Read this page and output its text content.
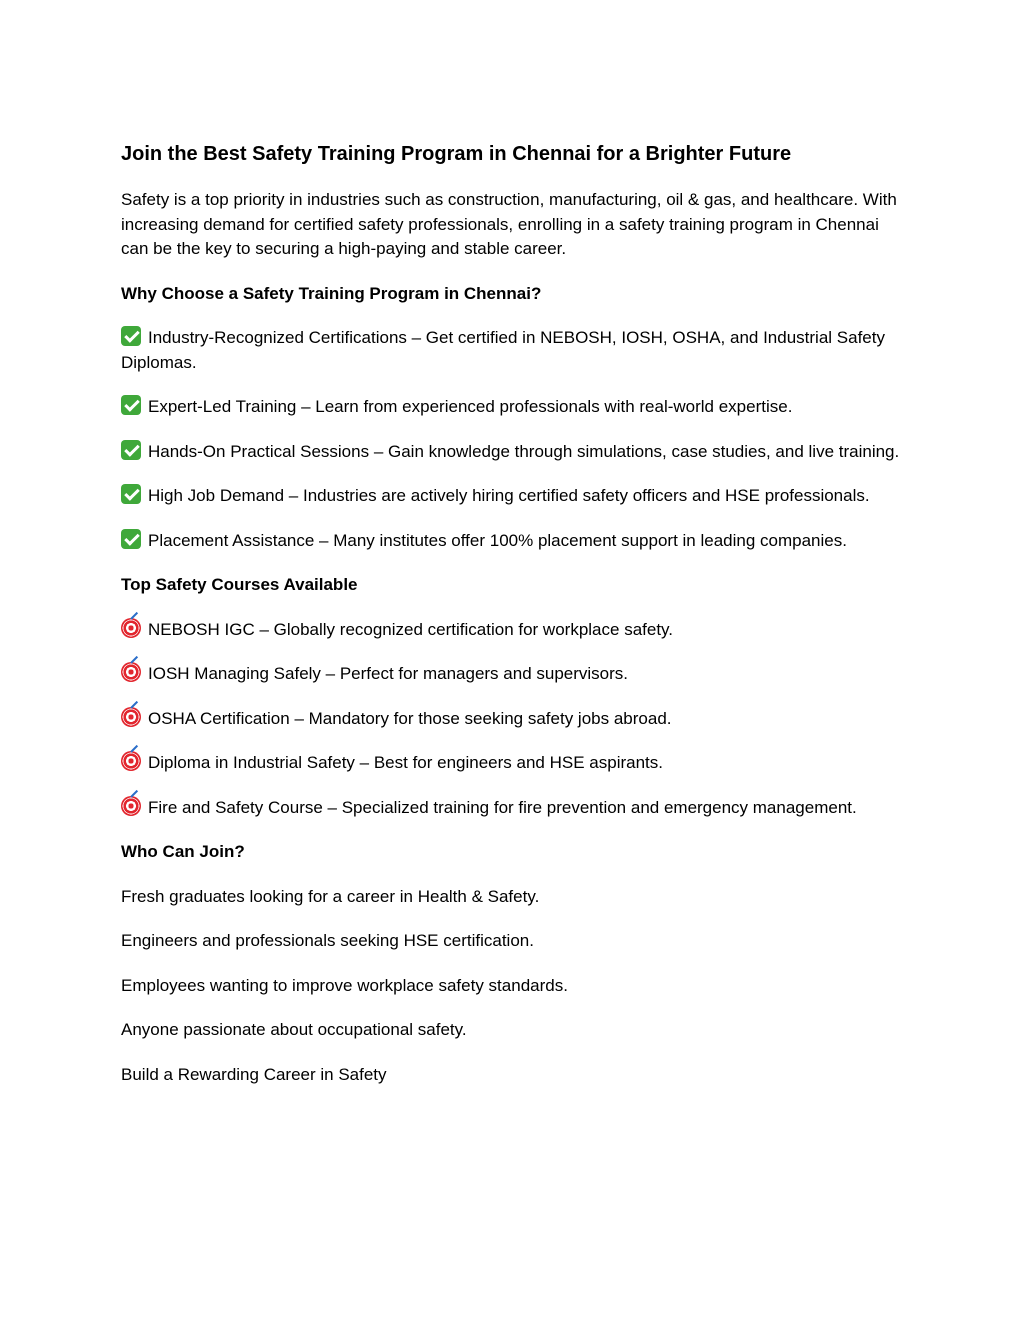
Join the Best Safety Training Program in Chennai for a Brighter Future

Safety is a top priority in industries such as construction, manufacturing, oil & gas, and healthcare. With increasing demand for certified safety professionals, enrolling in a safety training program in Chennai can be the key to securing a high-paying and stable career.

Why Choose a Safety Training Program in Chennai?

Industry-Recognized Certifications – Get certified in NEBOSH, IOSH, OSHA, and Industrial Safety Diplomas.

Expert-Led Training – Learn from experienced professionals with real-world expertise.

Hands-On Practical Sessions – Gain knowledge through simulations, case studies, and live training.

High Job Demand – Industries are actively hiring certified safety officers and HSE professionals.

Placement Assistance – Many institutes offer 100% placement support in leading companies.

Top Safety Courses Available

NEBOSH IGC – Globally recognized certification for workplace safety.

IOSH Managing Safely – Perfect for managers and supervisors.

OSHA Certification – Mandatory for those seeking safety jobs abroad.

Diploma in Industrial Safety – Best for engineers and HSE aspirants.

Fire and Safety Course – Specialized training for fire prevention and emergency management.

Who Can Join?

Fresh graduates looking for a career in Health & Safety.

Engineers and professionals seeking HSE certification.

Employees wanting to improve workplace safety standards.

Anyone passionate about occupational safety.

Build a Rewarding Career in Safety
